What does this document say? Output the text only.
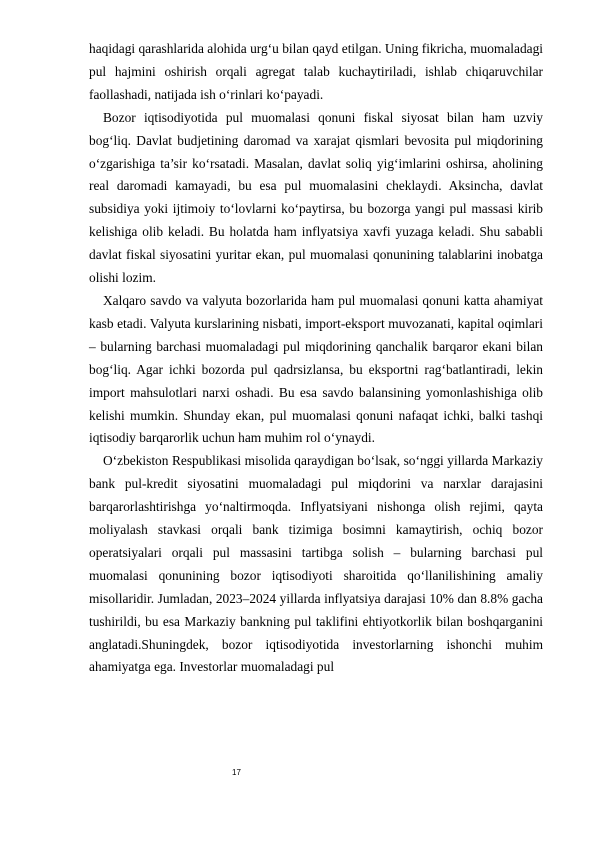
haqidagi qarashlarida alohida urg‘u bilan qayd etilgan. Uning fikricha, muomaladagi pul hajmini oshirish orqali agregat talab kuchaytiriladi, ishlab chiqaruvchilar faollashadi, natijada ish o‘rinlari ko‘payadi.

Bozor iqtisodiyotida pul muomalasi qonuni fiskal siyosat bilan ham uzviy bog‘liq. Davlat budjetining daromad va xarajat qismlari bevosita pul miqdorining o‘zgarishiga ta’sir ko‘rsatadi. Masalan, davlat soliq yig‘imlarini oshirsa, aholining real daromadi kamayadi, bu esa pul muomalasini cheklaydi. Aksincha, davlat subsidiya yoki ijtimoiy to‘lovlarni ko‘paytirsa, bu bozorga yangi pul massasi kirib kelishiga olib keladi. Bu holatda ham inflyatsiya xavfi yuzaga keladi. Shu sababli davlat fiskal siyosatini yuritar ekan, pul muomalasi qonunining talablarini inobatga olishi lozim.

Xalqaro savdo va valyuta bozorlarida ham pul muomalasi qonuni katta ahamiyat kasb etadi. Valyuta kurslarining nisbati, import-eksport muvozanati, kapital oqimlari – bularning barchasi muomaladagi pul miqdorining qanchalik barqaror ekani bilan bog‘liq. Agar ichki bozorda pul qadrsizlansa, bu eksportni rag‘batlantiradi, lekin import mahsulotlari narxi oshadi. Bu esa savdo balansining yomonlashishiga olib kelishi mumkin. Shunday ekan, pul muomalasi qonuni nafaqat ichki, balki tashqi iqtisodiy barqarorlik uchun ham muhim rol o‘ynaydi.

O‘zbekiston Respublikasi misolida qaraydigan bo‘lsak, so‘nggi yillarda Markaziy bank pul-kredit siyosatini muomaladagi pul miqdorini va narxlar darajasini barqarorlashtirishga yo‘naltirmoqda. Inflyatsiyani nishonga olish rejimi, qayta moliyalash stavkasi orqali bank tizimiga bosimni kamaytirish, ochiq bozor operatsiyalari orqali pul massasini tartibga solish – bularning barchasi pul muomalasi qonunining bozor iqtisodiyoti sharoitida qo‘llanilishining amaliy misollaridir. Jumladan, 2023–2024 yillarda inflyatsiya darajasi 10% dan 8.8% gacha tushirildi, bu esa Markaziy bankning pul taklifini ehtiyotkorlik bilan boshqarganini anglatadi.Shuningdek, bozor iqtisodiyotida investorlarning ishonchi muhim ahamiyatga ega. Investorlar muomaladagi pul

17
